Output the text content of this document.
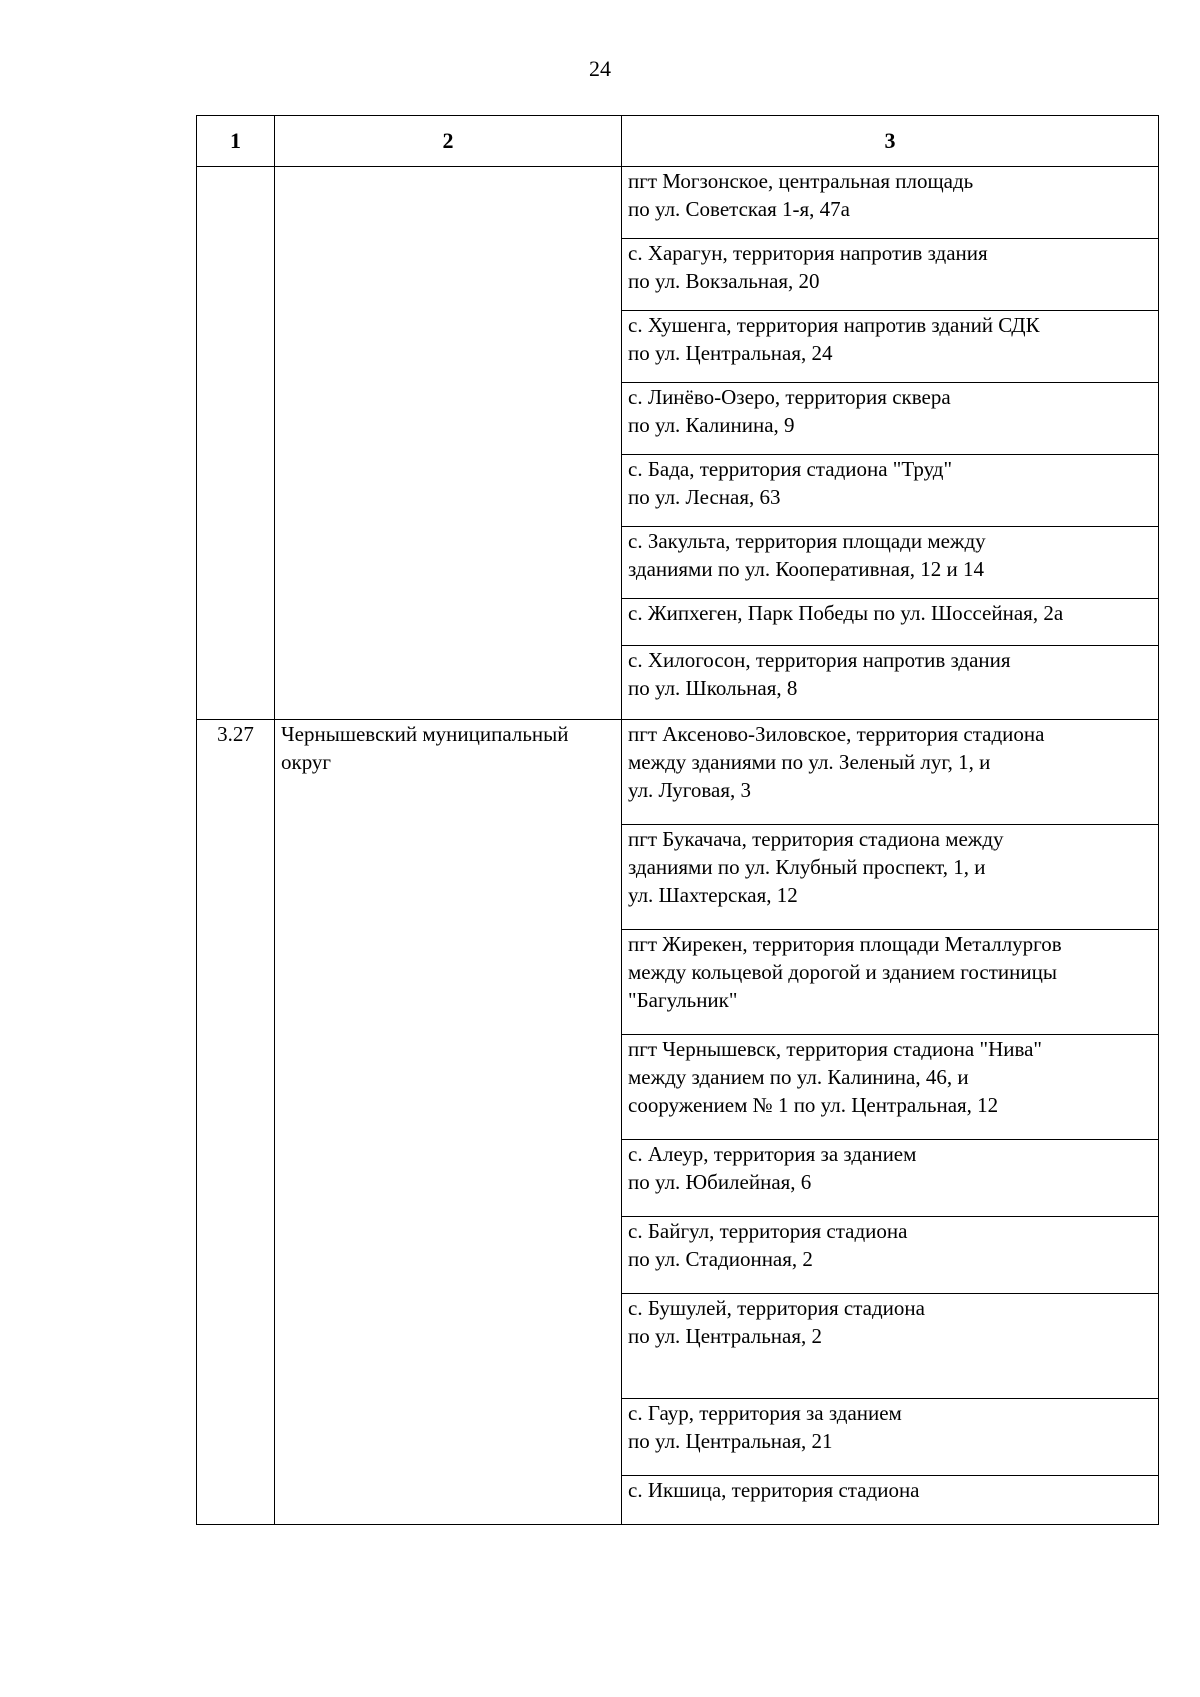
24
1	2	3
		пгт Могзонское, центральная площадь
по ул. Советская 1-я, 47а
		с. Харагун, территория напротив здания
по ул. Вокзальная, 20
		с. Хушенга, территория напротив зданий СДК
по ул. Центральная, 24
		с. Линёво-Озеро, территория сквера
по ул. Калинина, 9
		с. Бада, территория стадиона "Труд"
по ул. Лесная, 63
		с. Закульта, территория площади между
зданиями по ул. Кооперативная, 12 и 14
		с. Жипхеген, Парк Победы по ул. Шоссейная, 2а
		с. Хилогосон, территория напротив здания
по ул. Школьная, 8
3.27	Чернышевский муниципальный округ	пгт Аксеново-Зиловское, территория стадиона
между зданиями по ул. Зеленый луг, 1, и
ул. Луговая, 3
		пгт Букачача, территория стадиона между
зданиями по ул. Клубный проспект, 1, и
ул. Шахтерская, 12
		пгт Жирекен, территория площади Металлургов
между кольцевой дорогой и зданием гостиницы
"Багульник"
		пгт Чернышевск, территория стадиона "Нива"
между зданием по ул. Калинина, 46, и
сооружением № 1 по ул. Центральная, 12
		с. Алеур, территория за зданием
по ул. Юбилейная, 6
		с. Байгул, территория стадиона
по ул. Стадионная, 2
		с. Бушулей, территория стадиона
по ул. Центральная, 2
		с. Гаур, территория за зданием
по ул. Центральная, 21
		с. Икшица, территория стадиона
